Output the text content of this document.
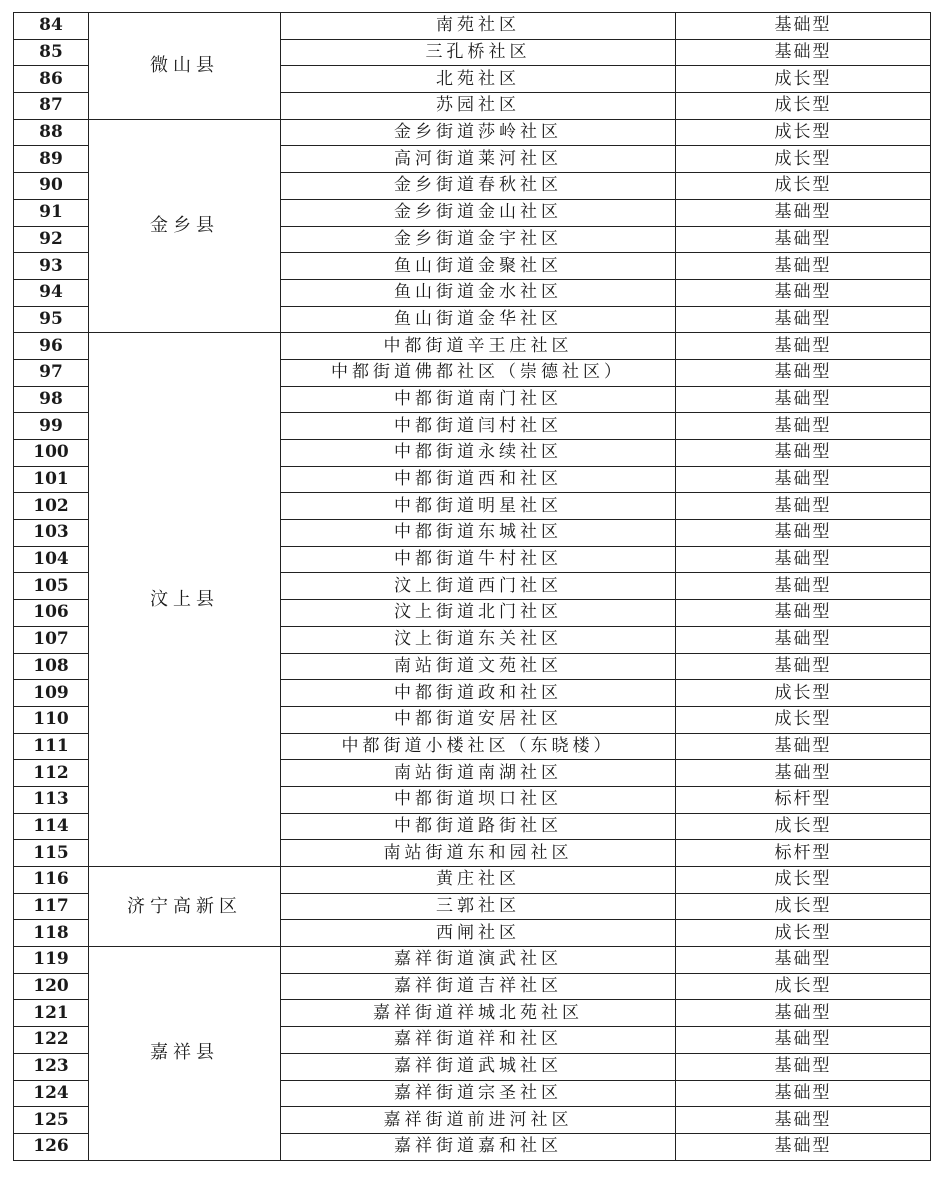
84	微山县	南苑社区	基础型
85		三孔桥社区	基础型
86		北苑社区	成长型
87		苏园社区	成长型
88	金乡县	金乡街道莎岭社区	成长型
89		高河街道莱河社区	成长型
90		金乡街道春秋社区	成长型
91		金乡街道金山社区	基础型
92		金乡街道金宇社区	基础型
93		鱼山街道金聚社区	基础型
94		鱼山街道金水社区	基础型
95		鱼山街道金华社区	基础型
96	汶上县	中都街道辛王庄社区	基础型
97		中都街道佛都社区（崇德社区）	基础型
98		中都街道南门社区	基础型
99		中都街道闫村社区	基础型
100		中都街道永续社区	基础型
101		中都街道西和社区	基础型
102		中都街道明星社区	基础型
103		中都街道东城社区	基础型
104		中都街道牛村社区	基础型
105		汶上街道西门社区	基础型
106		汶上街道北门社区	基础型
107		汶上街道东关社区	基础型
108		南站街道文苑社区	基础型
109		中都街道政和社区	成长型
110		中都街道安居社区	成长型
111		中都街道小楼社区（东晓楼）	基础型
112		南站街道南湖社区	基础型
113		中都街道坝口社区	标杆型
114		中都街道路街社区	成长型
115		南站街道东和园社区	标杆型
116	济宁高新区	黄庄社区	成长型
117		三郭社区	成长型
118		西闸社区	成长型
119	嘉祥县	嘉祥街道演武社区	基础型
120		嘉祥街道吉祥社区	成长型
121		嘉祥街道祥城北苑社区	基础型
122		嘉祥街道祥和社区	基础型
123		嘉祥街道武城社区	基础型
124		嘉祥街道宗圣社区	基础型
125		嘉祥街道前进河社区	基础型
126		嘉祥街道嘉和社区	基础型
